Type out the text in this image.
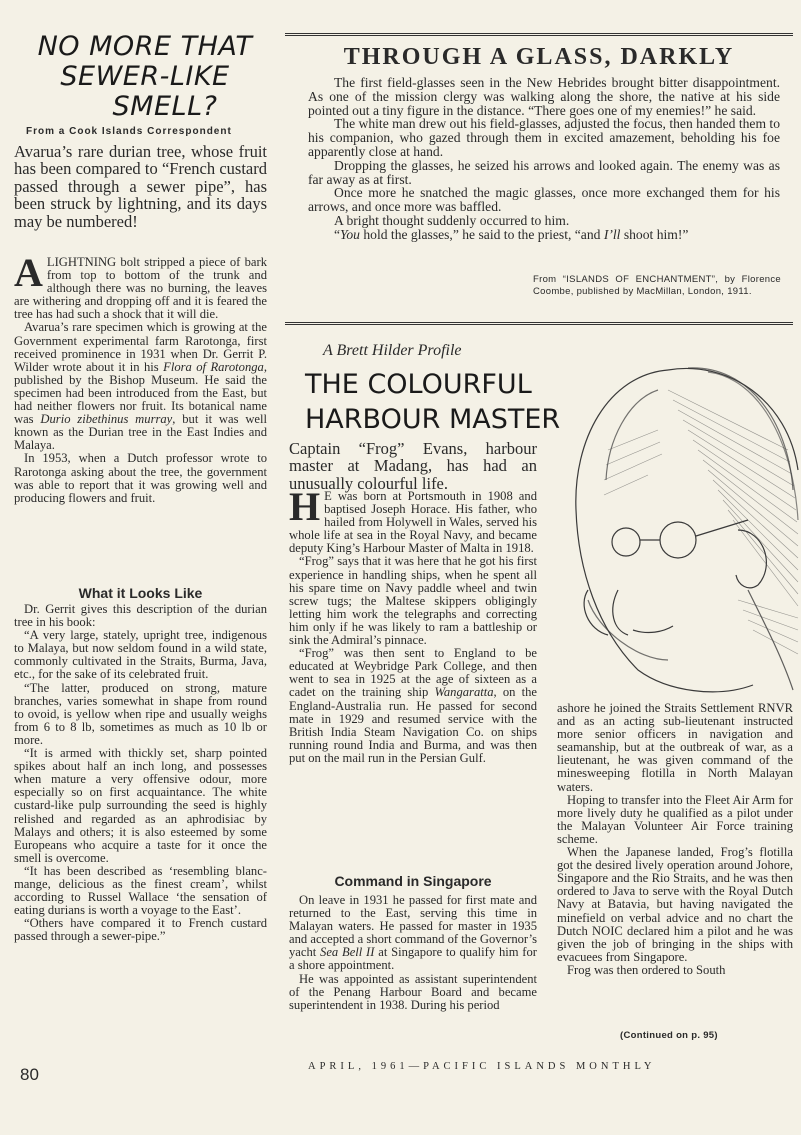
NO MORE THAT
SEWER-LIKE
SMELL?
From a Cook Islands Correspondent
Avarua’s rare durian tree, whose fruit has been compared to “French custard passed through a sewer pipe”, has been struck by lightning, and its days may be numbered!

ALIGHTNING bolt stripped a piece of bark from top to bottom of the trunk and although there was no burning, the leaves are withering and dropping off and it is feared the tree has had such a shock that it will die.

Avarua’s rare specimen which is growing at the Government experimental farm Rarotonga, first received prominence in 1931 when Dr. Gerrit P. Wilder wrote about it in his Flora of Rarotonga, published by the Bishop Museum. He said the specimen had been introduced from the East, but had neither flowers nor fruit. Its botanical name was Durio zibethinus murray, but it was well known as the Durian tree in the East Indies and Malaya.

In 1953, when a Dutch professor wrote to Rarotonga asking about the tree, the government was able to report that it was growing well and producing flowers and fruit.

What it Looks Like

Dr. Gerrit gives this description of the durian tree in his book:

“A very large, stately, upright tree, indigenous to Malaya, but now seldom found in a wild state, commonly cultivated in the Straits, Burma, Java, etc., for the sake of its celebrated fruit.

“The latter, produced on strong, mature branches, varies somewhat in shape from round to ovoid, is yellow when ripe and usually weighs from 6 to 8 lb, sometimes as much as 10 lb or more.

“It is armed with thickly set, sharp pointed spikes about half an inch long, and possesses when mature a very offensive odour, more especially so on first acquaintance. The white custard-like pulp surrounding the seed is highly relished and regarded as an aphrodisiac by Malays and others; it is also esteemed by some Europeans who acquire a taste for it once the smell is overcome.

“It has been described as ‘resembling blanc-mange, delicious as the finest cream’, whilst according to Russel Wallace ‘the sensation of eating durians is worth a voyage to the East’.

“Others have compared it to French custard passed through a sewer-pipe.”

THROUGH A GLASS, DARKLY

The first field-glasses seen in the New Hebrides brought bitter disappointment. As one of the mission clergy was walking along the shore, the native at his side pointed out a tiny figure in the distance. “There goes one of my enemies!” he said.

The white man drew out his field-glasses, adjusted the focus, then handed them to his companion, who gazed through them in excited amazement, beholding his foe apparently close at hand.

Dropping the glasses, he seized his arrows and looked again. The enemy was as far away as at first.

Once more he snatched the magic glasses, once more exchanged them for his arrows, and once more was baffled.

A bright thought suddenly occurred to him.

“You hold the glasses,” he said to the priest, “and I’ll shoot him!”

From “ISLANDS OF ENCHANTMENT”, by Florence Coombe, published by MacMillan, London, 1911.
A Brett Hilder Profile
THE COLOURFUL
HARBOUR MASTER
Captain “Frog” Evans, harbour master at Madang, has had an unusually colourful life.

H E was born at Portsmouth in 1908 and baptised Joseph Horace. His father, who hailed from Holywell in Wales, served his whole life at sea in the Royal Navy, and became deputy King’s Harbour Master of Malta in 1918.

“Frog” says that it was here that he got his first experience in handling ships, when he spent all his spare time on Navy paddle wheel and twin screw tugs; the Maltese skippers obligingly letting him work the telegraphs and correcting him only if he was likely to ram a battleship or sink the Admiral’s pinnace.

“Frog” was then sent to England to be educated at Weybridge Park College, and then went to sea in 1925 at the age of sixteen as a cadet on the training ship Wangaratta, on the England-Australia run. He passed for second mate in 1929 and resumed service with the British India Steam Navigation Co. on ships running round India and Burma, and was then put on the mail run in the Persian Gulf.

Command in Singapore

On leave in 1931 he passed for first mate and returned to the East, serving this time in Malayan waters. He passed for master in 1935 and accepted a short command of the Governor’s yacht Sea Bell II at Singapore to qualify him for a shore appointment.

He was appointed as assistant superintendent of the Penang Harbour Board and became superintendent in 1938. During his period

ashore he joined the Straits Settlement RNVR and as an acting sub-lieutenant instructed more senior officers in navigation and seamanship, but at the outbreak of war, as a lieutenant, he was given command of the minesweeping flotilla in North Malayan waters.

Hoping to transfer into the Fleet Air Arm for more lively duty he qualified as a pilot under the Malayan Volunteer Air Force training scheme.

When the Japanese landed, Frog’s flotilla got the desired lively operation around Johore, Singapore and the Rio Straits, and he was then ordered to Java to serve with the Royal Dutch Navy at Batavia, but having navigated the minefield on verbal advice and no chart the Dutch NOIC declared him a pilot and he was given the job of bringing in the ships with evacuees from Singapore.

Frog was then ordered to South

(Continued on p. 95)
80	APRIL, 1961—PACIFIC ISLANDS MONTHLY
